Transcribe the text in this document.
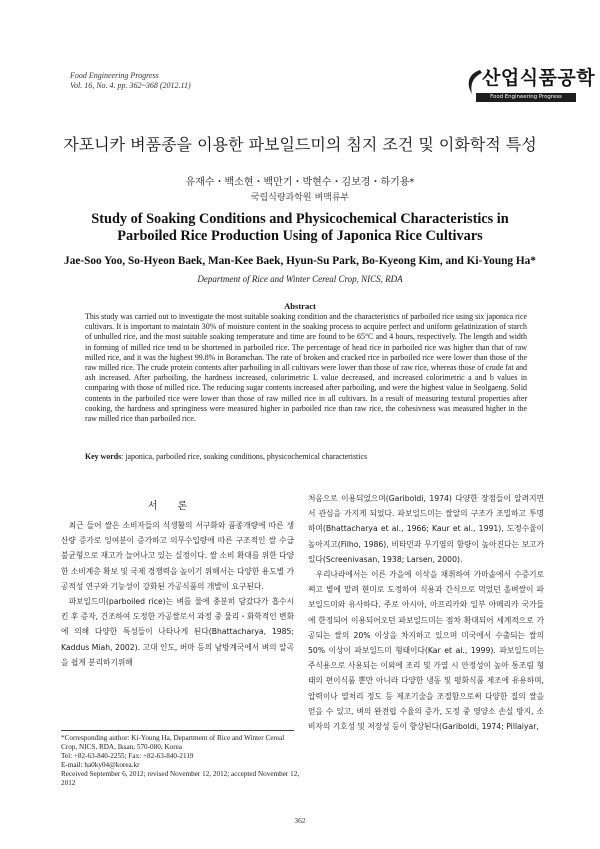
Food Engineering Progress
Vol. 16, No. 4. pp. 362~368 (2012.11)	산업식품공학
Food Engineering Progress
자포니카 벼품종을 이용한 파보일드미의 침지 조건 및 이화학적 특성
유재수・백소현・백만기・박현수・김보경・하기용*
국립식량과학원 벼맥류부
Study of Soaking Conditions and Physicochemical Characteristics in
Parboiled Rice Production Using of Japonica Rice Cultivars
Jae-Soo Yoo, So-Hyeon Baek, Man-Kee Baek, Hyun-Su Park, Bo-Kyeong Kim, and Ki-Young Ha*
Department of Rice and Winter Cereal Crop, NICS, RDA
Abstract
This study was carried out to investigate the most suitable soaking condition and the characteristics of parboiled rice using six japonica rice cultivars. It is important to maintain 30% of moisture content in the soaking process to acquire perfect and uniform gelatinization of starch of unhulled rice, and the most suitable soaking temperature and time are found to be 65°C and 4 hours, respectively. The length and width in forming of milled rice tend to be shortened in parboiled rice. The percentage of head rice in parboiled rice was higher than that of raw milled rice, and it was the highest 99.8% in Boramchan. The rate of broken and cracked rice in parboiled rice were lower than those of the raw milled rice. The crude protein contents after parboiling in all cultivars were lower than those of raw rice, whereas those of crude fat and ash increased. After parboiling, the hardness increased, colorimetric L value decreased, and increased colorimetric a and b values in comparing with those of milled rice. The reducing sugar contents increased after parboiling, and were the highest value in Seolgaeng. Solid contents in the parboiled rice were lower than those of raw milled rice in all cultivars. In a result of measuring textural properties after cooking, the hardness and springiness were measured higher in parboiled rice than raw rice, the cohesivness was measured higher in the raw milled rice than parboiled rice.
Key words: japonica, parboiled rice, soaking conditions, physicochemical characteristics
서론

최근 들어 쌀은 소비자들의 식생활의 서구화와 품종개량에 따른 생산량 증가로 잉여분이 증가하고 의무수입량에 따른 구조적인 쌀 수급 불균형으로 재고가 늘어나고 있는 실정이다. 쌀 소비 확대를 위한 다양한 소비계층 확보 및 국제 경쟁력을 높이기 위해서는 다양한 용도별 가공적성 연구와 기능성이 강화된 가공식품의 개발이 요구된다.

파보일드미(parboiled rice)는 벼를 물에 충분히 담갔다가 흡수시킨 후 증자, 건조하여 도정한 가공쌀로서 과정 중 물리・화학적인 변화에 의해 다양한 특성들이 나타나게 된다(Bhattacharya, 1985; Kaddus Miah, 2002). 고대 인도, 버마 등의 남방계국에서 벼의 알곡을 쉽게 분리하기위해

처음으로 이용되었으며(Gariboldi, 1974) 다양한 장점들이 알려지면서 관심을 가지게 되었다. 파보일드미는 쌀알의 구조가 조밀하고 투명하며(Bhattacharya et al., 1966; Kaur et al., 1991), 도정수율이 높아지고(Filho, 1986), 비타민과 무기염의 함량이 높아진다는 보고가 있다(Screenivasan, 1938; Larsen, 2000).

우리나라에서는 이른 가을에 이삭을 채취하여 가마솥에서 수증기로 쪄고 볕에 말려 현미로 도정하여 식용과 간식으로 먹었던 올벼쌀이 파보일드미와 유사하다. 주로 아시아, 아프리카와 일부 아메리카 국가들에 한정되어 이용되어오던 파보일드미는 점차 확대되어 세계적으로 가공되는 쌀의 20% 이상을 차지하고 있으며 미국에서 수출되는 쌀의 50% 이상이 파보일드미 형태이다(Kar et al., 1999). 파보일드미는 주식용으로 사용되는 이외에 조리 및 가열 시 안정성이 높아 통조림 형태의 편이식품 뿐만 아니라 다양한 냉동 및 평화식품 제조에 유용하며, 압력이나 열처리 정도 등 제조기술을 조절함으로써 다양한 질의 쌀을 얻을 수 있고, 벼의 완전립 수율의 증가, 도정 중 영양소 손실 방지, 소비자의 기호성 및 저장성 등이 향상된다(Gariboldi, 1974; Pillaiyar,

*Corresponding author: Ki-Young Ha, Department of Rice and Winter Cereal Crop, NICS, RDA, Iksan, 570-080, Korea
Tel: +82-63-840-2255; Fax: +82-63-840-2119
E-mail: ha0ky04@korea.kr
Received September 6, 2012; revised November 12, 2012; accepted November 12, 2012
362
